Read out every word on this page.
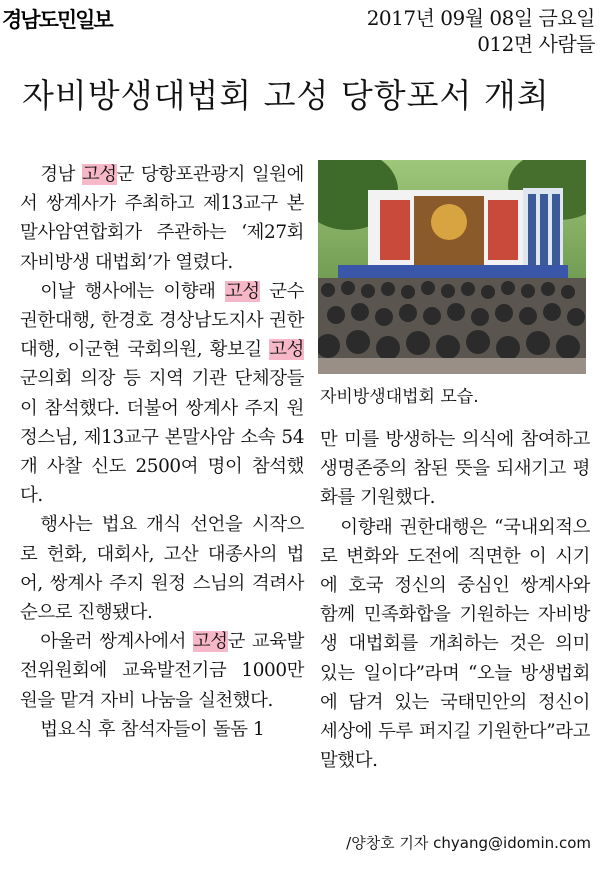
경남도민일보	2017년 09월 08일 금요일
012면 사람들
자비방생대법회 고성 당항포서 개최

경남 고성군 당항포관광지 일원에서 쌍계사가 주최하고 제13교구 본말사암연합회가 주관하는 ‘제27회 자비방생 대법회’가 열렸다.

이날 행사에는 이향래 고성 군수 권한대행, 한경호 경상남도지사 권한대행, 이군현 국회의원, 황보길 고성군의회 의장 등 지역 기관 단체장들이 참석했다. 더불어 쌍계사 주지 원정스님, 제13교구 본말사암 소속 54개 사찰 신도 2500여 명이 참석했다.

행사는 법요 개식 선언을 시작으로 헌화, 대회사, 고산 대종사의 법어, 쌍계사 주지 원정 스님의 격려사 순으로 진행됐다.

아울러 쌍계사에서 고성군 교육발전위원회에 교육발전기금 1000만 원을 맡겨 자비 나눔을 실천했다.

법요식 후 참석자들이 돌돔 1

자비방생대법회 모습.

만 미를 방생하는 의식에 참여하고 생명존중의 참된 뜻을 되새기고 평화를 기원했다.

이향래 권한대행은 “국내외적으로 변화와 도전에 직면한 이 시기에 호국 정신의 중심인 쌍계사와 함께 민족화합을 기원하는 자비방생 대법회를 개최하는 것은 의미 있는 일이다”라며 “오늘 방생법회에 담겨 있는 국태민안의 정신이 세상에 두루 퍼지길 기원한다”라고 말했다.

/양창호 기자 chyang@idomin.com
